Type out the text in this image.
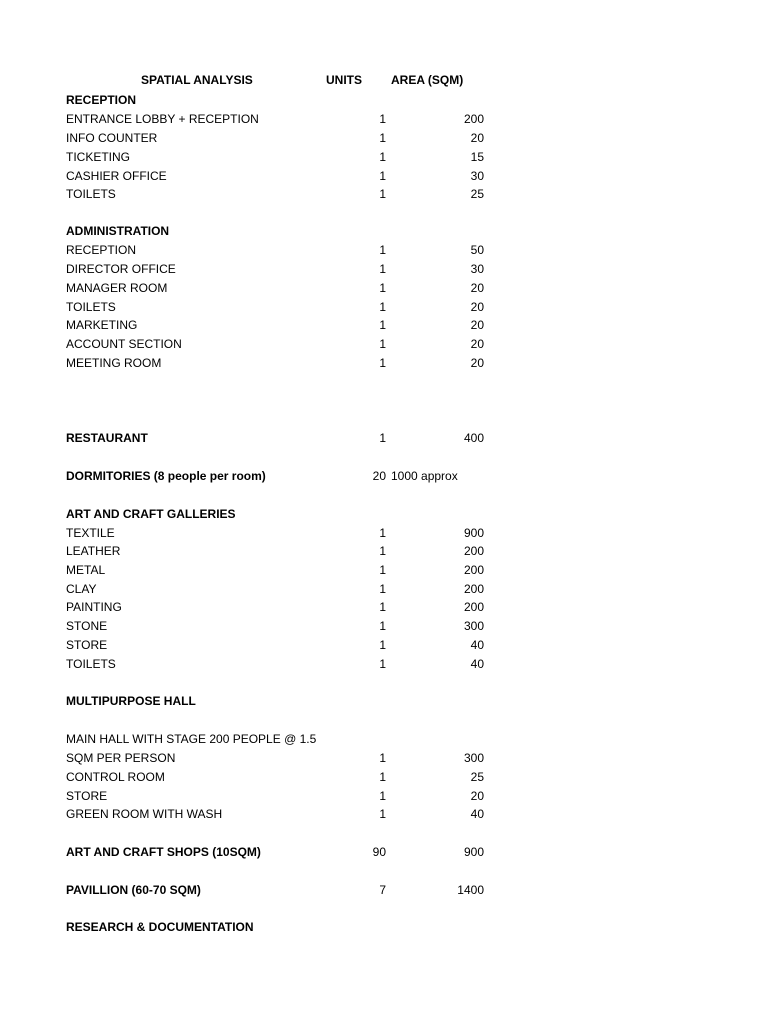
SPATIAL ANALYSIS	UNITS AREA (SQM)
RECEPTION
ENTRANCE LOBBY + RECEPTION	1	200
INFO COUNTER	1	20
TICKETING	1	15
CASHIER OFFICE	1	30
TOILETS	1	25
ADMINISTRATION
RECEPTION	1	50
DIRECTOR OFFICE	1	30
MANAGER ROOM	1	20
TOILETS	1	20
MARKETING	1	20
ACCOUNT SECTION	1	20
MEETING ROOM	1	20
RESTAURANT	1	400
DORMITORIES (8 people per room)	20 1000 approx
ART AND CRAFT GALLERIES
TEXTILE	1	900
LEATHER	1	200
METAL	1	200
CLAY	1	200
PAINTING	1	200
STONE	1	300
STORE	1	40
TOILETS	1	40
MULTIPURPOSE HALL
MAIN HALL WITH STAGE 200 PEOPLE @ 1.5
SQM PER PERSON	1	300
CONTROL ROOM	1	25
STORE	1	20
GREEN ROOM WITH WASH	1	40
ART AND CRAFT SHOPS (10SQM)	90	900
PAVILLION (60-70 SQM)	7	1400
RESEARCH & DOCUMENTATION
